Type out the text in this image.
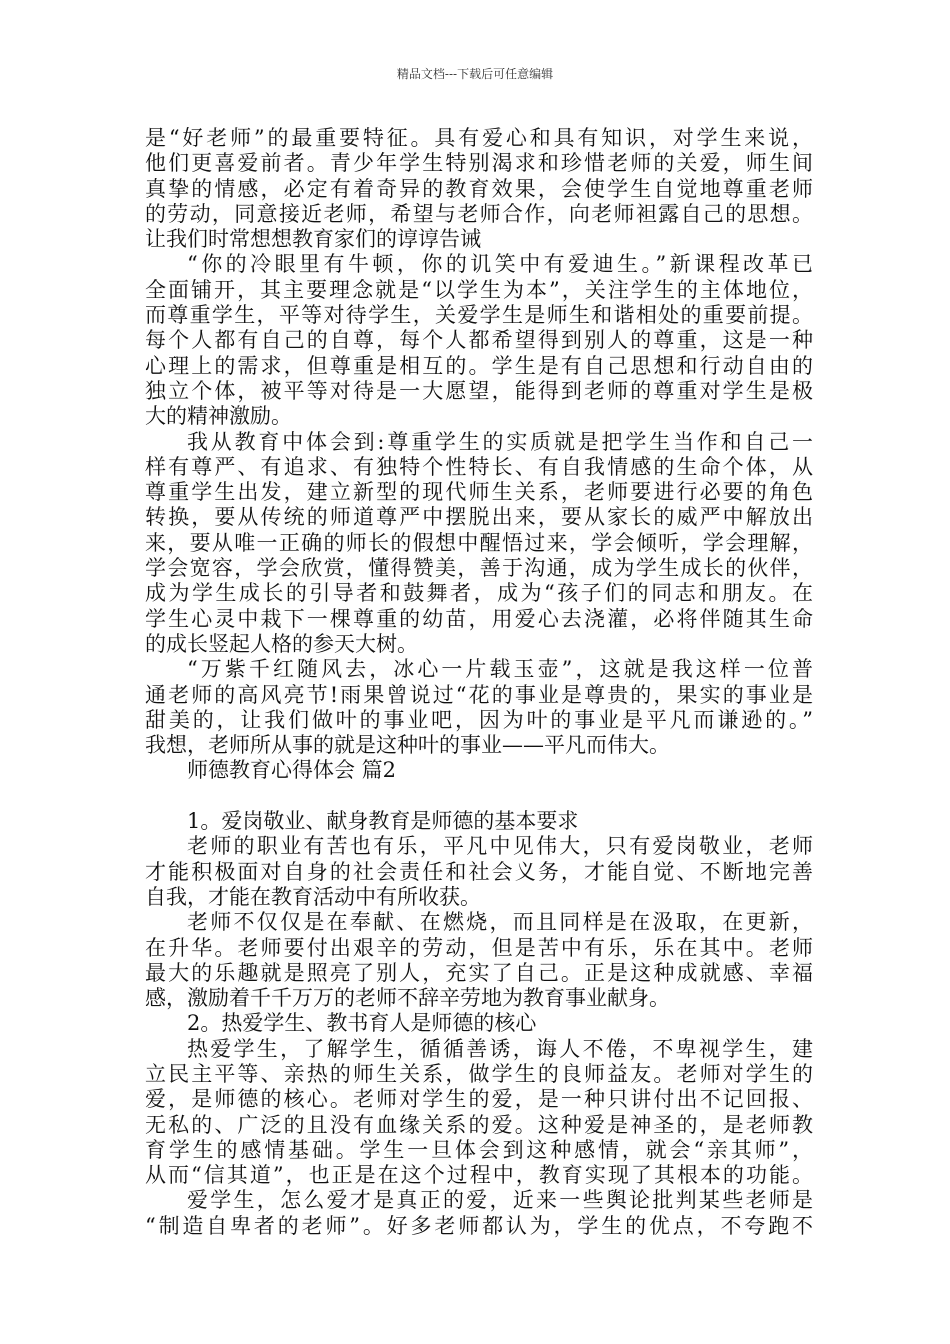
精品文档---下载后可任意编辑
是“好老师”的最重要特征。具有爱心和具有知识，对学生来说，
他们更喜爱前者。青少年学生特别渴求和珍惜老师的关爱，师生间
真挚的情感，必定有着奇异的教育效果，会使学生自觉地尊重老师
的劳动，同意接近老师，希望与老师合作，向老师袒露自己的思想。
让我们时常想想教育家们的谆谆告诫
“你的冷眼里有牛顿，你的讥笑中有爱迪生。”新课程改革已
全面铺开，其主要理念就是“以学生为本”，关注学生的主体地位，
而尊重学生，平等对待学生，关爱学生是师生和谐相处的重要前提。
每个人都有自己的自尊，每个人都希望得到别人的尊重，这是一种
心理上的需求，但尊重是相互的。学生是有自己思想和行动自由的
独立个体，被平等对待是一大愿望，能得到老师的尊重对学生是极
大的精神激励。
我从教育中体会到:尊重学生的实质就是把学生当作和自己一
样有尊严、有追求、有独特个性特长、有自我情感的生命个体，从
尊重学生出发，建立新型的现代师生关系，老师要进行必要的角色
转换，要从传统的师道尊严中摆脱出来，要从家长的威严中解放出
来，要从唯一正确的师长的假想中醒悟过来，学会倾听，学会理解，
学会宽容，学会欣赏，懂得赞美，善于沟通，成为学生成长的伙伴，
成为学生成长的引导者和鼓舞者，成为“孩子们的同志和朋友。在
学生心灵中栽下一棵尊重的幼苗，用爱心去浇灌，必将伴随其生命
的成长竖起人格的参天大树。
“万紫千红随风去，冰心一片载玉壶”，这就是我这样一位普
通老师的高风亮节!雨果曾说过“花的事业是尊贵的，果实的事业是
甜美的，让我们做叶的事业吧，因为叶的事业是平凡而谦逊的。”
我想，老师所从事的就是这种叶的事业——平凡而伟大。
师德教育心得体会 篇2
1。爱岗敬业、献身教育是师德的基本要求
老师的职业有苦也有乐，平凡中见伟大，只有爱岗敬业，老师
才能积极面对自身的社会责任和社会义务，才能自觉、不断地完善
自我，才能在教育活动中有所收获。
老师不仅仅是在奉献、在燃烧，而且同样是在汲取，在更新，
在升华。老师要付出艰辛的劳动，但是苦中有乐，乐在其中。老师
最大的乐趣就是照亮了别人，充实了自己。正是这种成就感、幸福
感，激励着千千万万的老师不辞辛劳地为教育事业献身。
2。热爱学生、教书育人是师德的核心
热爱学生，了解学生，循循善诱，诲人不倦，不卑视学生，建
立民主平等、亲热的师生关系，做学生的良师益友。老师对学生的
爱，是师德的核心。老师对学生的爱，是一种只讲付出不记回报、
无私的、广泛的且没有血缘关系的爱。这种爱是神圣的，是老师教
育学生的感情基础。学生一旦体会到这种感情，就会“亲其师”，
从而“信其道”，也正是在这个过程中，教育实现了其根本的功能。
爱学生，怎么爱才是真正的爱，近来一些舆论批判某些老师是
“制造自卑者的老师”。好多老师都认为，学生的优点，不夸跑不
